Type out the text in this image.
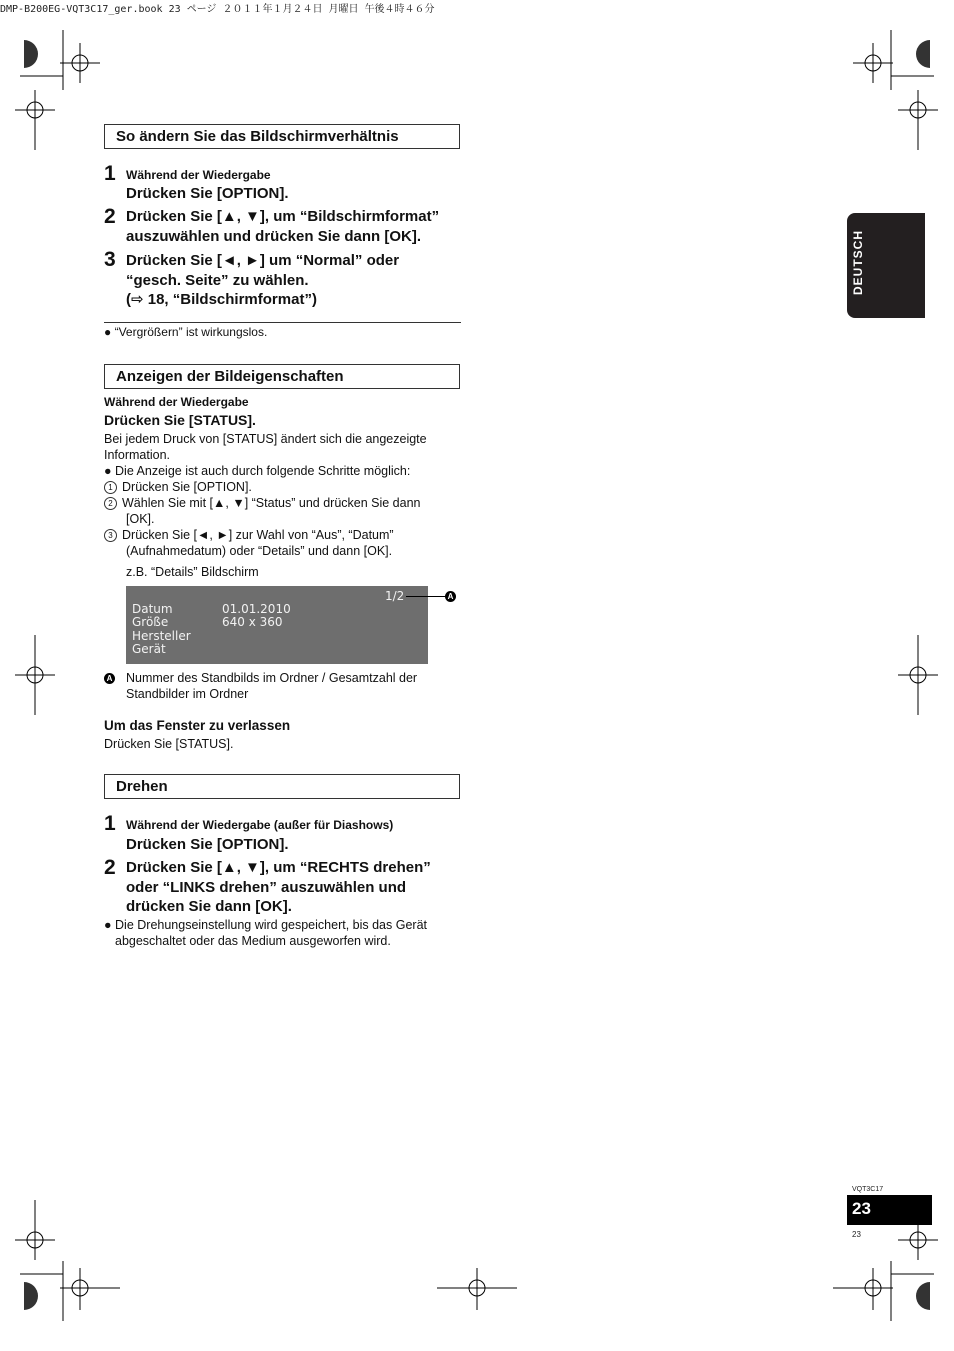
DMP-B200EG-VQT3C17_ger.book 23 ページ ２０１１年１月２４日 月曜日 午後４時４６分
DEUTSCH
So ändern Sie das Bildschirmverhältnis
1 Während der Wiedergabe
Drücken Sie [OPTION].
2 Drücken Sie [▲, ▼], um “Bildschirmformat”
auszuwählen und drücken Sie dann [OK].
3 Drücken Sie [◄, ►] um “Normal” oder
“gesch. Seite” zu wählen.
(⇨ 18, “Bildschirmformat”)
● “Vergrößern” ist wirkungslos.
Anzeigen der Bildeigenschaften
Während der Wiedergabe
Drücken Sie [STATUS].
Bei jedem Druck von [STATUS] ändert sich die angezeigte
Information.
● Die Anzeige ist auch durch folgende Schritte möglich:
1 Drücken Sie [OPTION].
2 Wählen Sie mit [▲, ▼] “Status” und drücken Sie dann
[OK].
3 Drücken Sie [◄, ►] zur Wahl von “Aus”, “Datum”
(Aufnahmedatum) oder “Details” und dann [OK].
z.B. “Details” Bildschirm
1/2
Datum	01.01.2010
Größe	640 x 360
Hersteller
Gerät
A
A Nummer des Standbilds im Ordner / Gesamtzahl der
Standbilder im Ordner
Um das Fenster zu verlassen
Drücken Sie [STATUS].
Drehen
1 Während der Wiedergabe (außer für Diashows)
Drücken Sie [OPTION].
2 Drücken Sie [▲, ▼], um “RECHTS drehen”
oder “LINKS drehen” auszuwählen und
drücken Sie dann [OK].
● Die Drehungseinstellung wird gespeichert, bis das Gerät
abgeschaltet oder das Medium ausgeworfen wird.
VQT3C17
23
23
